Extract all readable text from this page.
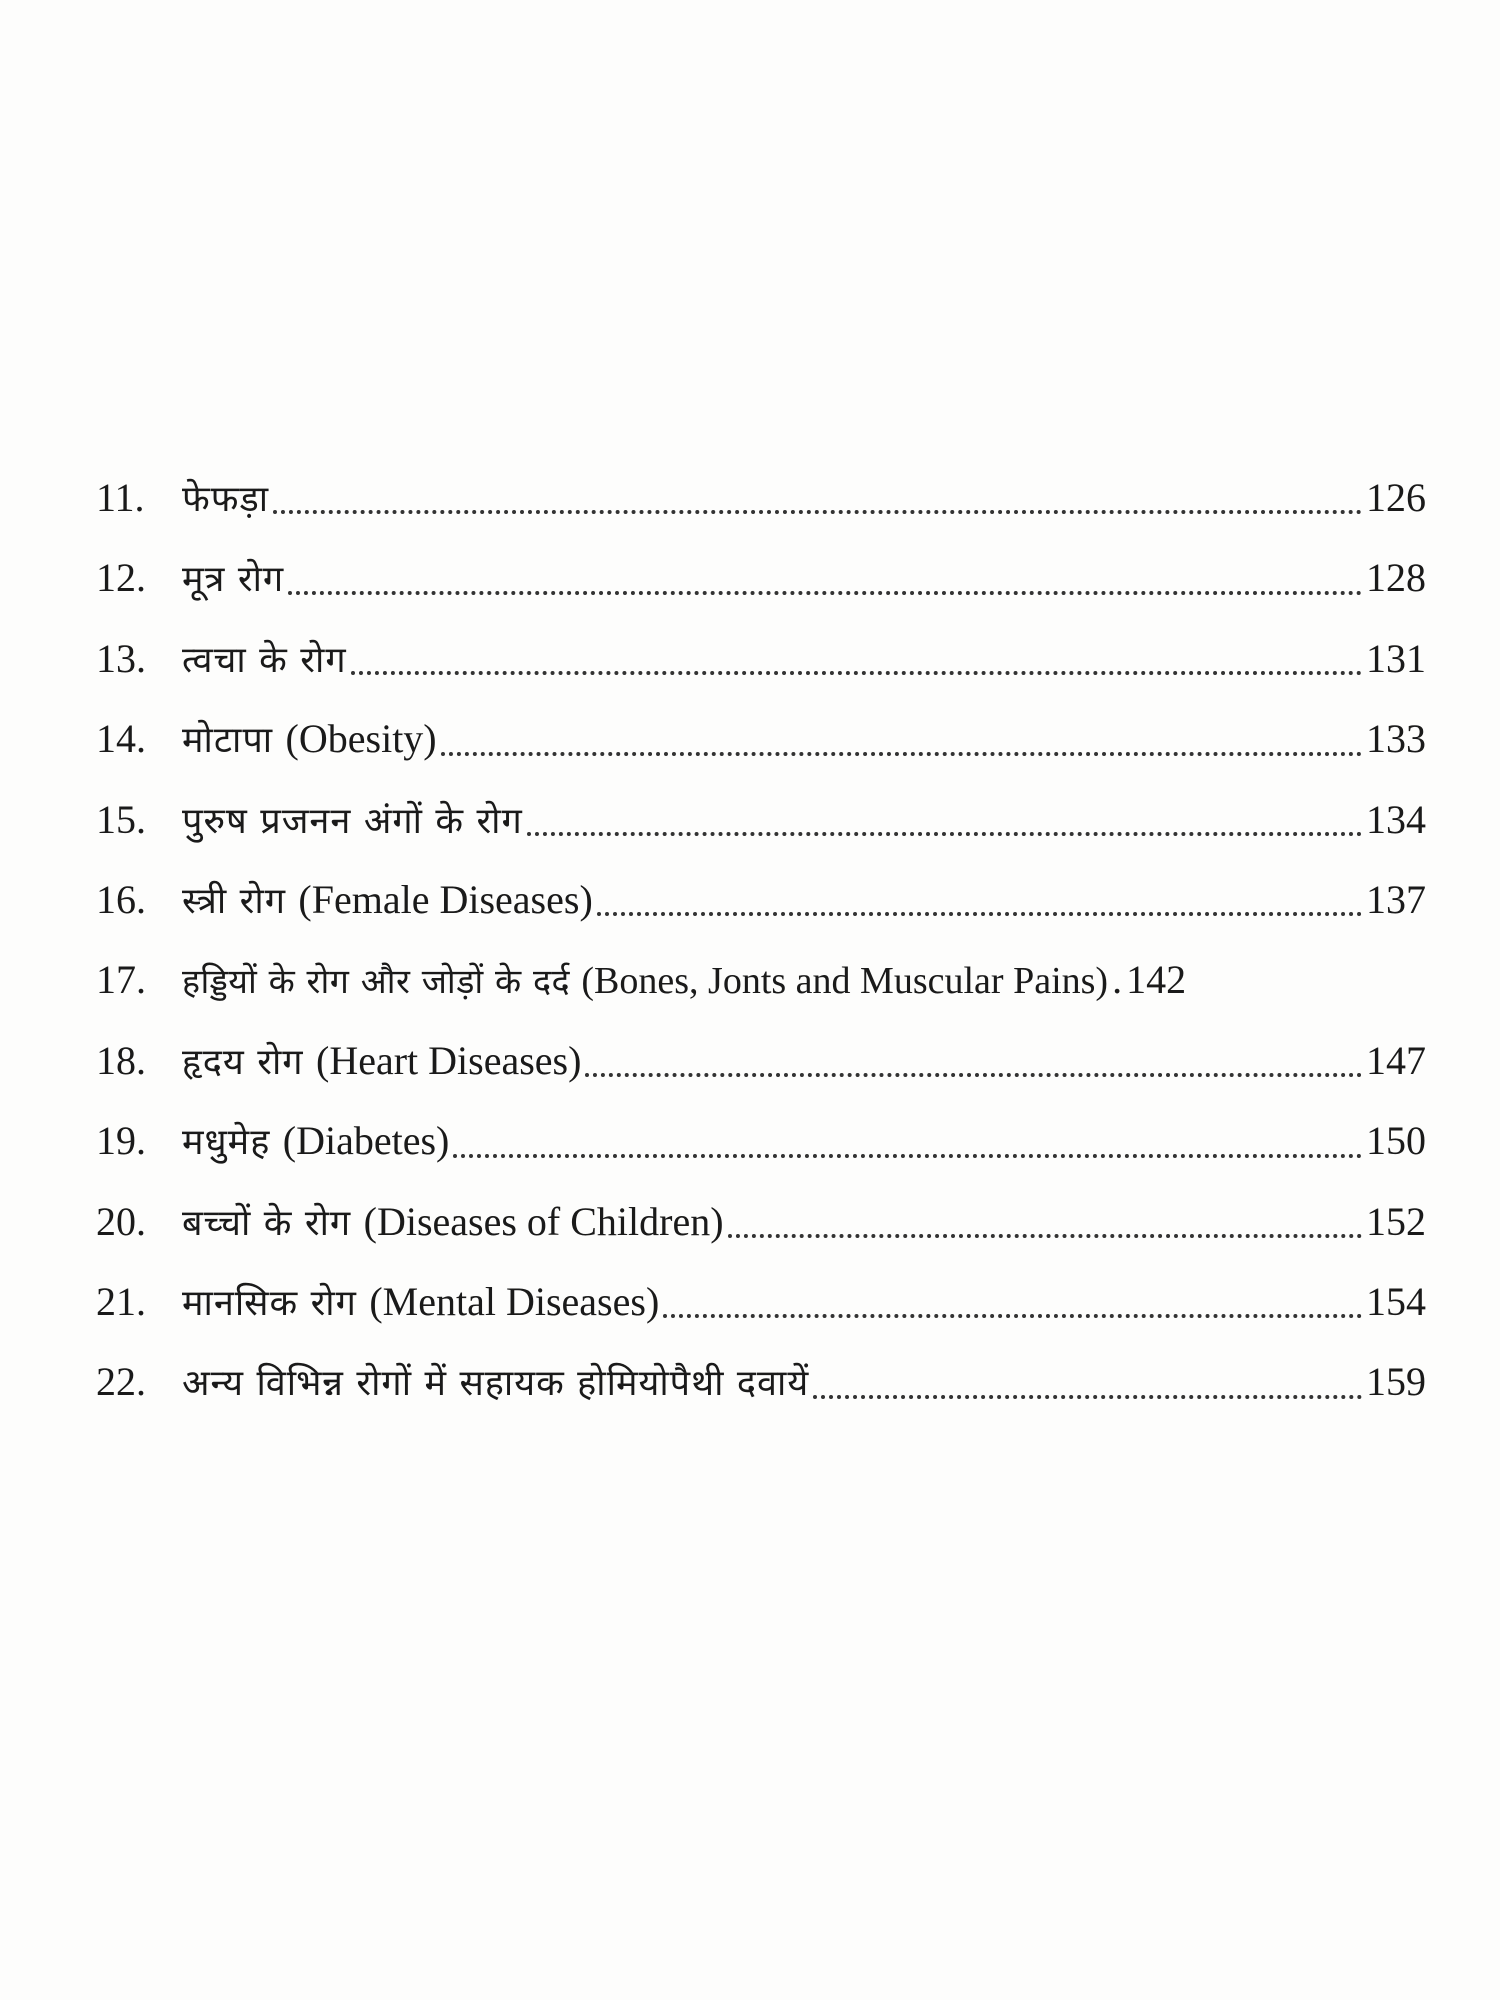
11.	फेफड़ा	126
12.	मूत्र रोग	128
13.	त्वचा के रोग	131
14.	मोटापा (Obesity)	133
15.	पुरुष प्रजनन अंगों के रोग	134
16.	स्त्री रोग (Female Diseases)	137
17.	हड्डियों के रोग और जोड़ों के दर्द (Bones, Jonts and Muscular Pains)
. 142
18.	हृदय रोग (Heart Diseases)	147
19.	मधुमेह (Diabetes)	150
20.	बच्चों के रोग (Diseases of Children)	152
21.	मानसिक रोग (Mental Diseases)	154
22.	अन्य विभिन्न रोगों में सहायक होमियोपैथी दवायें	159
